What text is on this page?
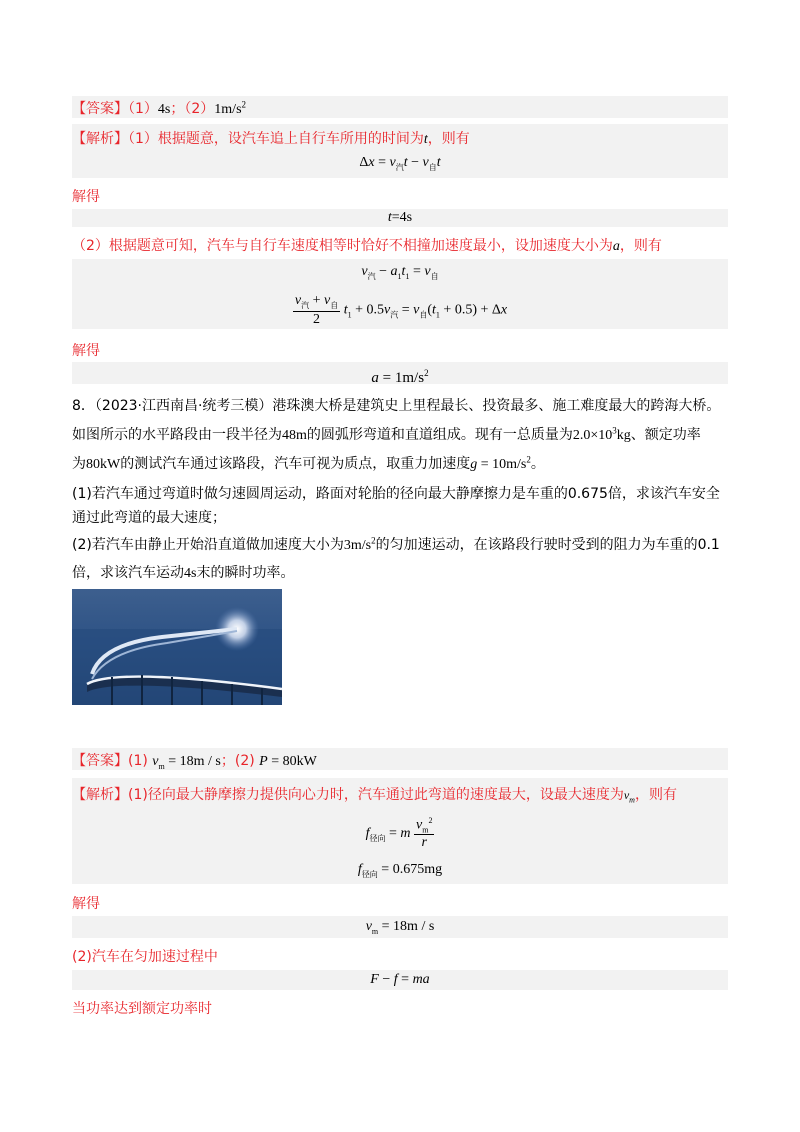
【答案】（1）4s；$(2)1m/s^2$
【解析】（1）根据题意，设汽车追上自行车所用的时间为t，则有
$\Delta x = v_汽t - v_自t$
解得
t=4s
（2）根据题意可知，汽车与自行车速度相等时恰好不相撞加速度最小，设加速度大小为a，则有
$v_汽 - a_1t_1 = v_自$
$v_汽 + v_自$
2
$t_1 + 0.5v_汽 = v_自(t_1 + 0.5) + \Delta x$
解得
$a = 1m/s^2$
8．（2023·江西南昌·统考三模）港珠澳大桥是建筑史上里程最长、投资最多、施工难度最大的跨海大桥。
如图所示的水平路段由一段半径为48m的圆弧形弯道和直道组成。现有一总质量为$2.0\times 10^3kg$、额定功率
为80kW的测试汽车通过该路段，汽车可视为质点，取重力加速度$g = 10m/s^2$。
(1)若汽车通过弯道时做匀速圆周运动，路面对轮胎的径向最大静摩擦力是车重的0.675倍，求该汽车安全
通过此弯道的最大速度；
(2)若汽车由静止开始沿直道做加速度大小为$3m/s^2$的匀加速运动，在该路段行驶时受到的阻力为车重的0.1
倍，求该汽车运动4s末的瞬时功率。
【答案】(1) $v_m = 18m / s$；(2) P = 80kW
【解析】(1)径向最大静摩擦力提供向心力时，汽车通过此弯道的速度最大，设最大速度为$v_m$，则有
$f_{径向} = m \frac{v_m^2}{r}$
$f_{径向} = 0.675mg$
解得
$v_m = 18m / s$
(2)汽车在匀加速过程中
F − f = ma
当功率达到额定功率时
